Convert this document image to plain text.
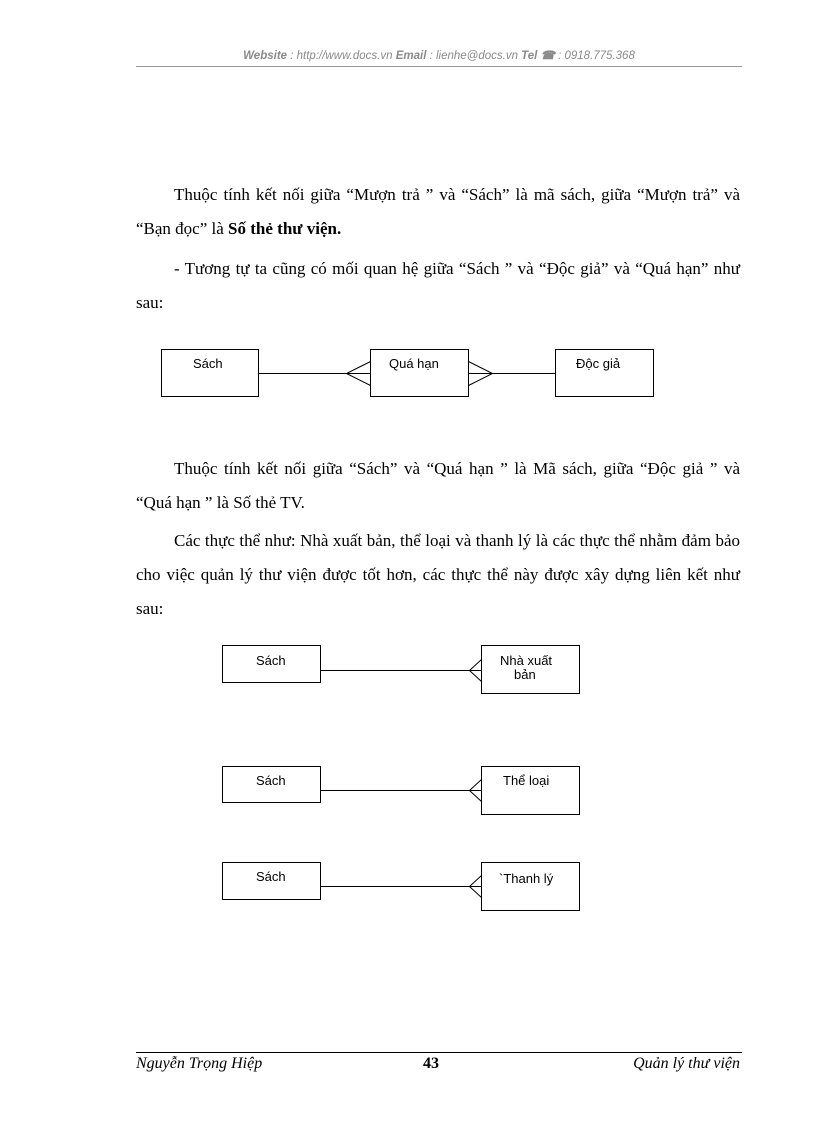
Website : http://www.docs.vn Email : lienhe@docs.vn Tel ☎ : 0918.775.368

Thuộc tính kết nối giữa “Mượn trả ” và “Sách” là mã sách, giữa “Mượn trả” và “Bạn đọc” là Số thẻ thư viện.

- Tương tự ta cũng có mối quan hệ giữa “Sách ” và “Độc giả” và “Quá hạn” như sau:

Sách	Quá hạn	Độc giả

Thuộc tính kết nối giữa “Sách” và “Quá hạn ” là Mã sách, giữa “Độc giả ” và “Quá hạn ” là Số thẻ TV.

Các thực thể như: Nhà xuất bản, thể loại và thanh lý là các thực thể nhằm đảm bảo cho việc quản lý thư viện được tốt hơn, các thực thể này được xây dựng liên kết như sau:

Sách	Nhà xuất
bản
Sách	Thể loại
Sách	`Thanh lý
Nguyễn Trọng Hiệp	43	Quản lý thư viện
